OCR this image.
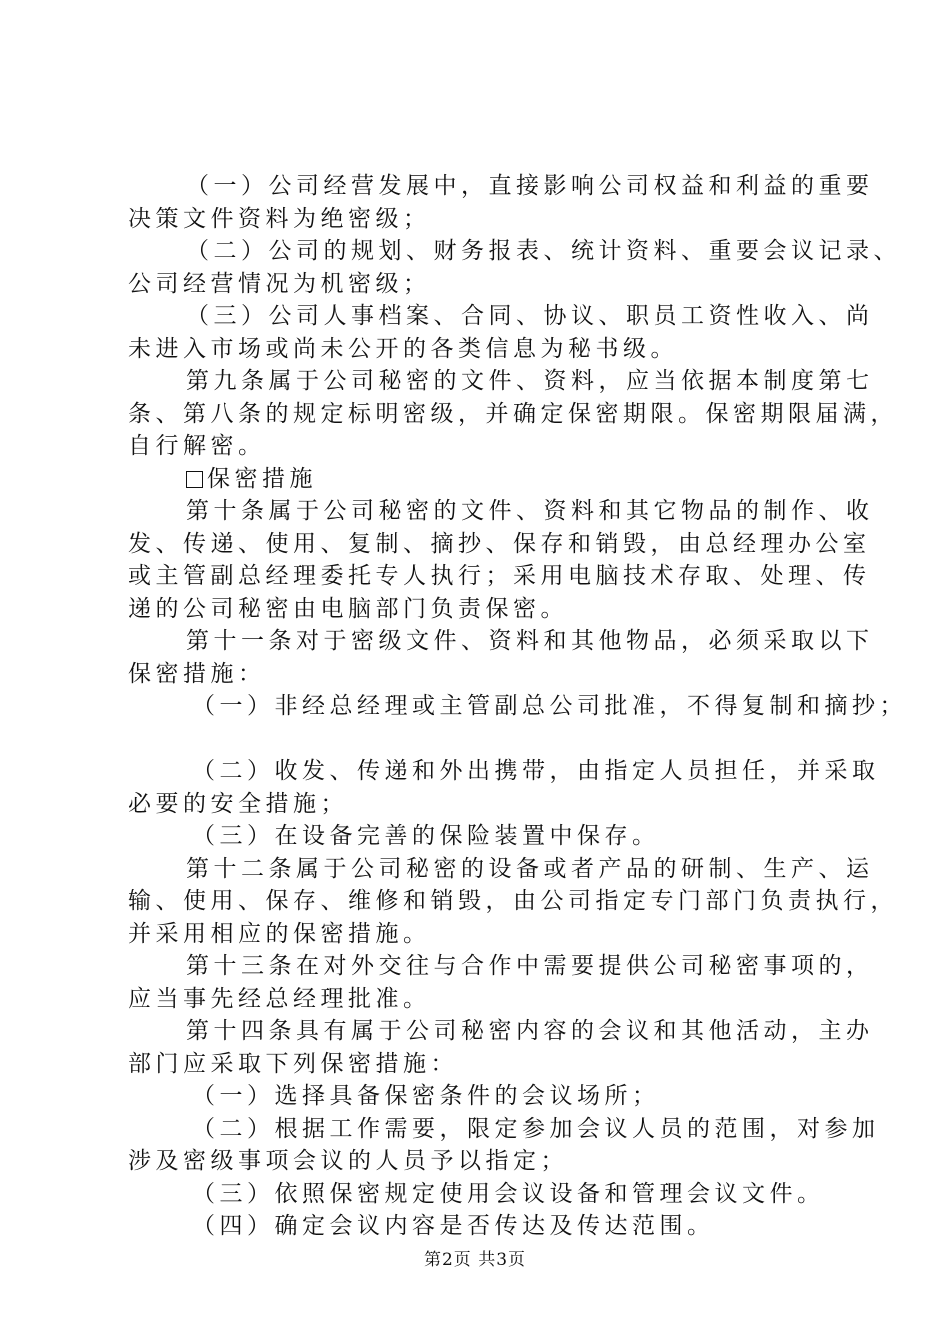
（一）公司经营发展中，直接影响公司权益和利益的重要
决策文件资料为绝密级；
（二）公司的规划、财务报表、统计资料、重要会议记录、
公司经营情况为机密级；
（三）公司人事档案、合同、协议、职员工资性收入、尚
未进入市场或尚未公开的各类信息为秘书级。
第九条属于公司秘密的文件、资料，应当依据本制度第七
条、第八条的规定标明密级，并确定保密期限。保密期限届满，
自行解密。
保密措施
第十条属于公司秘密的文件、资料和其它物品的制作、收
发、传递、使用、复制、摘抄、保存和销毁，由总经理办公室
或主管副总经理委托专人执行；采用电脑技术存取、处理、传
递的公司秘密由电脑部门负责保密。
第十一条对于密级文件、资料和其他物品，必须采取以下
保密措施：
（一）非经总经理或主管副总公司批准，不得复制和摘抄；
（二）收发、传递和外出携带，由指定人员担任，并采取
必要的安全措施；
（三）在设备完善的保险装置中保存。
第十二条属于公司秘密的设备或者产品的研制、生产、运
输、使用、保存、维修和销毁，由公司指定专门部门负责执行，
并采用相应的保密措施。
第十三条在对外交往与合作中需要提供公司秘密事项的，
应当事先经总经理批准。
第十四条具有属于公司秘密内容的会议和其他活动，主办
部门应采取下列保密措施：
（一）选择具备保密条件的会议场所；
（二）根据工作需要，限定参加会议人员的范围，对参加
涉及密级事项会议的人员予以指定；
（三）依照保密规定使用会议设备和管理会议文件。
（四）确定会议内容是否传达及传达范围。
第2页 共3页
